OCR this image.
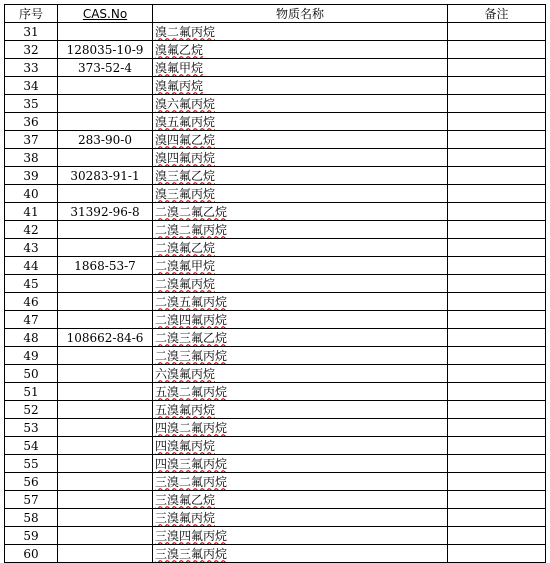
序号	CAS.No	物质名称	备注
31		溴二氟丙烷	
32	128035-10-9	溴氟乙烷	
33	373-52-4	溴氟甲烷	
34		溴氟丙烷	
35		溴六氟丙烷	
36		溴五氟丙烷	
37	283-90-0	溴四氟乙烷	
38		溴四氟丙烷	
39	30283-91-1	溴三氟乙烷	
40		溴三氟丙烷	
41	31392-96-8	二溴二氟乙烷	
42		二溴二氟丙烷	
43		二溴氟乙烷	
44	1868-53-7	二溴氟甲烷	
45		二溴氟丙烷	
46		二溴五氟丙烷	
47		二溴四氟丙烷	
48	108662-84-6	二溴三氟乙烷	
49		二溴三氟丙烷	
50		六溴氟丙烷	
51		五溴二氟丙烷	
52		五溴氟丙烷	
53		四溴二氟丙烷	
54		四溴氟丙烷	
55		四溴三氟丙烷	
56		三溴二氟丙烷	
57		三溴氟乙烷	
58		三溴氟丙烷	
59		三溴四氟丙烷	
60		三溴三氟丙烷	
